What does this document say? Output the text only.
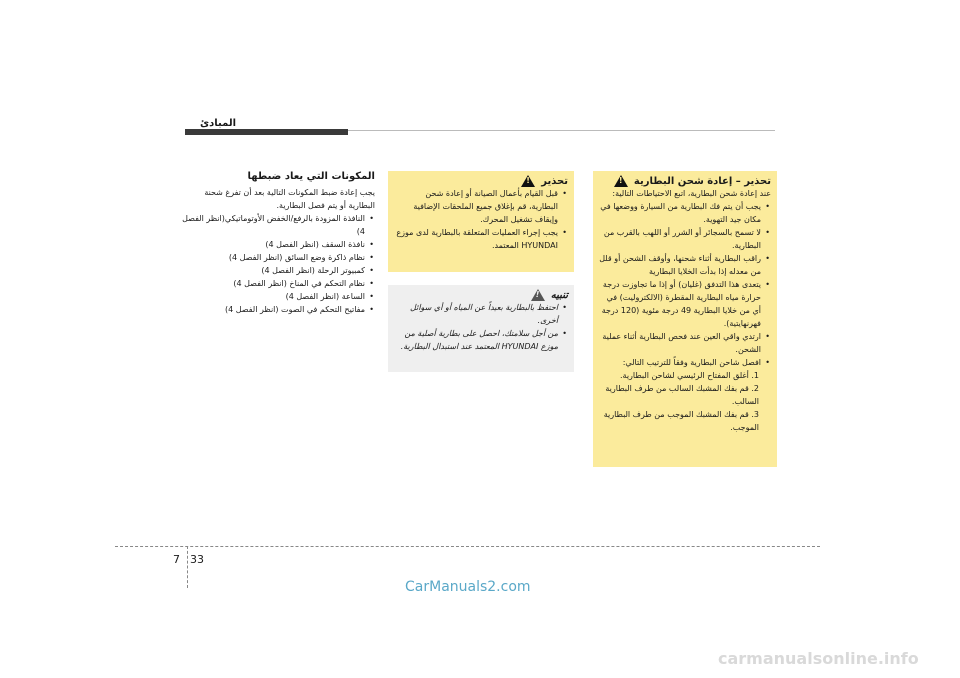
المبادئ
تحذير – إعادة شحن البطارية
!
عند إعادة شحن البطارية، اتبع الاحتياطات التالية:
• يجب أن يتم فك البطارية من السيارة ووضعها في مكان جيد التهوية.
• لا تسمح بالسجائر أو الشرر أو اللهب بالقرب من البطارية.
• راقب البطارية أثناء شحنها، وأوقف الشحن أو قلل من معدله إذا بدأت الخلايا البطارية
• يتعدى هذا التدفق (غليان) أو إذا ما تجاوزت درجة حرارة مياه البطارية المقطرة (الالكتروليت) في أي من خلايا البطارية 49 درجة مئوية (120 درجة فهرنهايتية).
• ارتدي واقي العين عند فحص البطارية أثناء عملية الشحن.
• افصل شاحن البطارية وفقاً للترتيب التالي:
1. أغلق المفتاح الرئيسي لشاحن البطارية.
2. قم بفك المشبك السالب من طرف البطارية السالب.
3. قم بفك المشبك الموجب من طرف البطارية الموجب.
تحذير
!
• قبل القيام بأعمال الصيانة أو إعادة شحن البطارية، قم بإغلاق جميع الملحقات الإضافية وإيقاف تشغيل المحرك.
• يجب إجراء العمليات المتعلقة بالبطارية لدى موزع HYUNDAI المعتمد.
تنبيه
!
• احتفظ بالبطارية بعيداً عن المياه أو أي سوائل أخرى.
• من أجل سلامتك، احصل على بطارية أصلية من موزع HYUNDAI المعتمد عند استبدال البطارية.
المكونات التي يعاد ضبطها
يجب إعادة ضبط المكونات التالية بعد أن تفرغ شحنة البطارية أو يتم فصل البطارية.
• النافذة المزودة بالرفع/الخفض الأوتوماتيكي(انظر الفصل 4)
• نافذة السقف (انظر الفصل 4)
• نظام ذاكرة وضع السائق (انظر الفصل 4)
• كمبيوتر الرحلة (انظر الفصل 4)
• نظام التحكم في المناخ (انظر الفصل 4)
• الساعة (انظر الفصل 4)
• مفاتيح التحكم في الصوت (انظر الفصل 4)
33
7
CarManuals2.com
carmanualsonline.info
